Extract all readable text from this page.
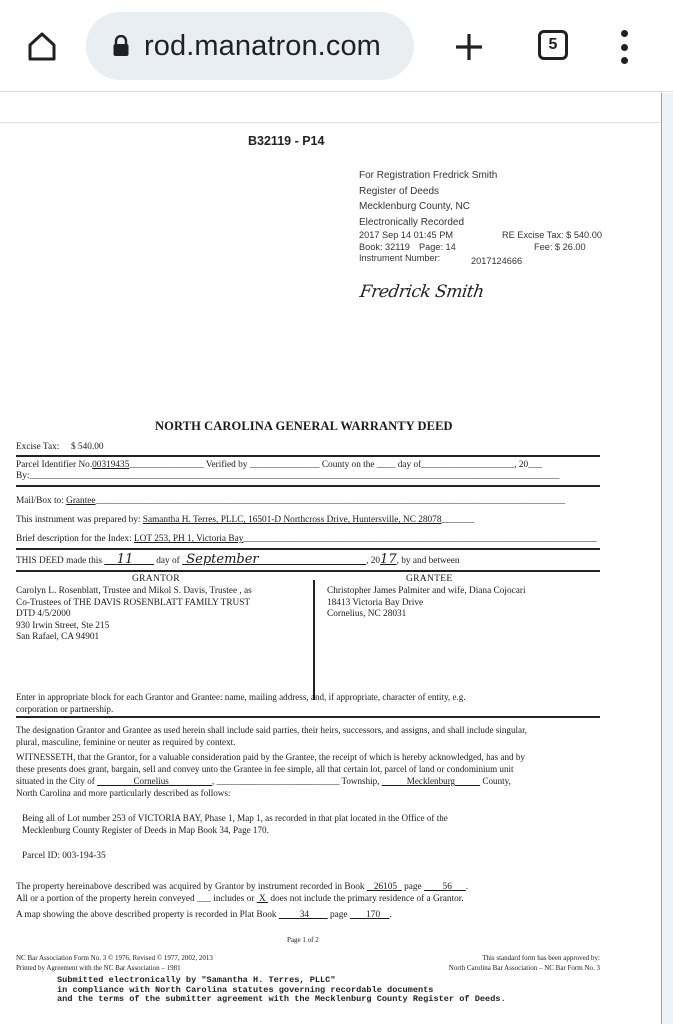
rod.manatron.com	5
B32119 - P14
For Registration Fredrick Smith
Register of Deeds
Mecklenburg County, NC
Electronically Recorded
2017 Sep 14 01:45 PM	RE Excise Tax: $ 540.00
Book: 32119 Page: 14	Fee: $ 26.00
Instrument Number:	2017124666
Fredrick Smith
NORTH CAROLINA GENERAL WARRANTY DEED
Excise Tax: $ 540.00
Parcel Identifier No.00319435________________ Verified by _______________ County on the ____ day of____________________, 20___
By:__________________________________________________________________________________________________________________
Mail/Box to: Grantee_____________________________________________________________________________________________________
This instrument was prepared by: Samantha H. Terres, PLLC, 16501-D Northcross Drive, Huntersville, NC 28078_______
Brief description for the Index: LOT 253, PH 1, Victoria Bay____________________________________________________________________________
THIS DEED made this 11 day of September	, 2017, by and between
GRANTOR	GRANTEE
Carolyn L. Rosenblatt, Trustee and Mikol S. Davis, Trustee , as
Co-Trustees of THE DAVIS ROSENBLATT FAMILY TRUST
DTD 4/5/2000
930 Irwin Street, Ste 215
San Rafael, CA 94901
Christopher James Palmiter and wife, Diana Cojocari
18413 Victoria Bay Drive
Cornelius, NC 28031
Enter in appropriate block for each Grantor and Grantee: name, mailing address, and, if appropriate, character of entity, e.g.
corporation or partnership.
The designation Grantor and Grantee as used herein shall include said parties, their heirs, successors, and assigns, and shall include singular,
plural, masculine, feminine or neuter as required by context.
WITNESSETH, that the Grantor, for a valuable consideration paid by the Grantee, the receipt of which is hereby acknowledged, has and by
these presents does grant, bargain, sell and convey unto the Grantee in fee simple, all that certain lot, parcel of land or condominium unit
situated in the City of	Cornelius	, ___________________________ Township,	Mecklenburg	County,
North Carolina and more particularly described as follows:
Being all of Lot number 253 of VICTORIA BAY, Phase 1, Map 1, as recorded in that plat located in the Office of the
Mecklenburg County Register of Deeds in Map Book 34, Page 170.
Parcel ID: 003-194-35
The property hereinabove described was acquired by Grantor by instrument recorded in Book 26105 page 56 .
All or a portion of the property herein conveyed ___ includes or X does not include the primary residence of a Grantor.
A map showing the above described property is recorded in Plat Book	34 page 170 .
Page 1 of 2
NC Bar Association Form No. 3 © 1976, Revised © 1977, 2002, 2013
Printed by Agreement with the NC Bar Association – 1981
This standard form has been approved by:
North Carolina Bar Association – NC Bar Form No. 3
Submitted electronically by "Samantha H. Terres, PLLC"
in compliance with North Carolina statutes governing recordable documents
and the terms of the submitter agreement with the Mecklenburg County Register of Deeds.
